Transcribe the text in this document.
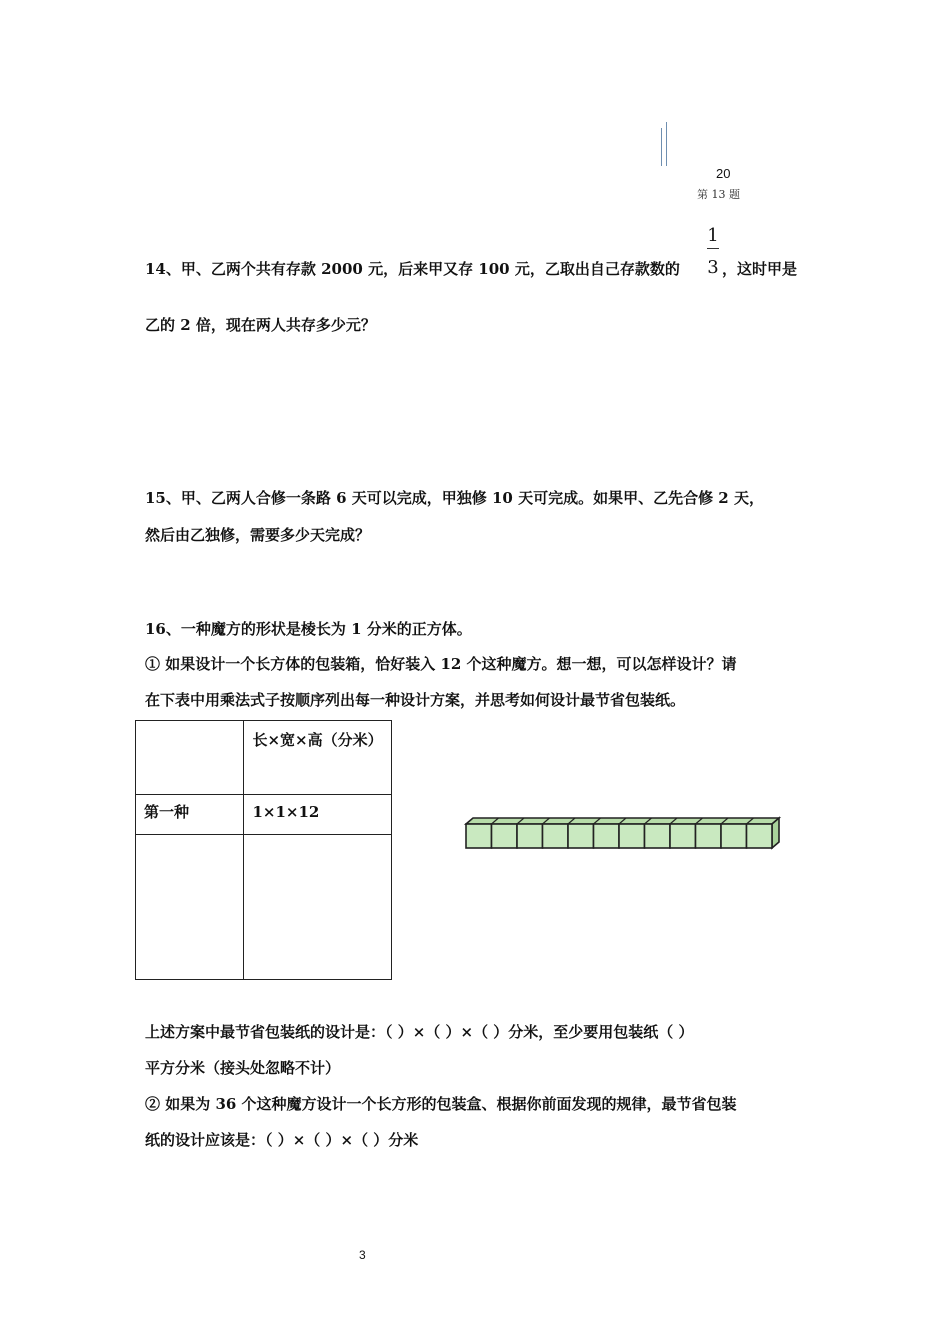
20
第 13 题
14、甲、乙两个共有存款 2000 元，后来甲又存 100 元，乙取出自己存款数的
1
3 ，这时甲是
乙的 2 倍，现在两人共存多少元？
15、甲、乙两人合修一条路 6 天可以完成，甲独修 10 天可完成。如果甲、乙先合修 2 天，
然后由乙独修，需要多少天完成？
16、一种魔方的形状是棱长为 1 分米的正方体。
① 如果设计一个长方体的包装箱，恰好装入 12 个这种魔方。想一想，可以怎样设计？请
在下表中用乘法式子按顺序列出每一种设计方案，并思考如何设计最节省包装纸。

	长×宽×高（分米）

第一种	1×1×12

上述方案中最节省包装纸的设计是：（ ）×（ ）×（ ）分米，至少要用包装纸（ ）
平方分米（接头处忽略不计）
② 如果为 36 个这种魔方设计一个长方形的包装盒、根据你前面发现的规律，最节省包装
纸的设计应该是：（ ）×（ ）×（ ）分米
3
